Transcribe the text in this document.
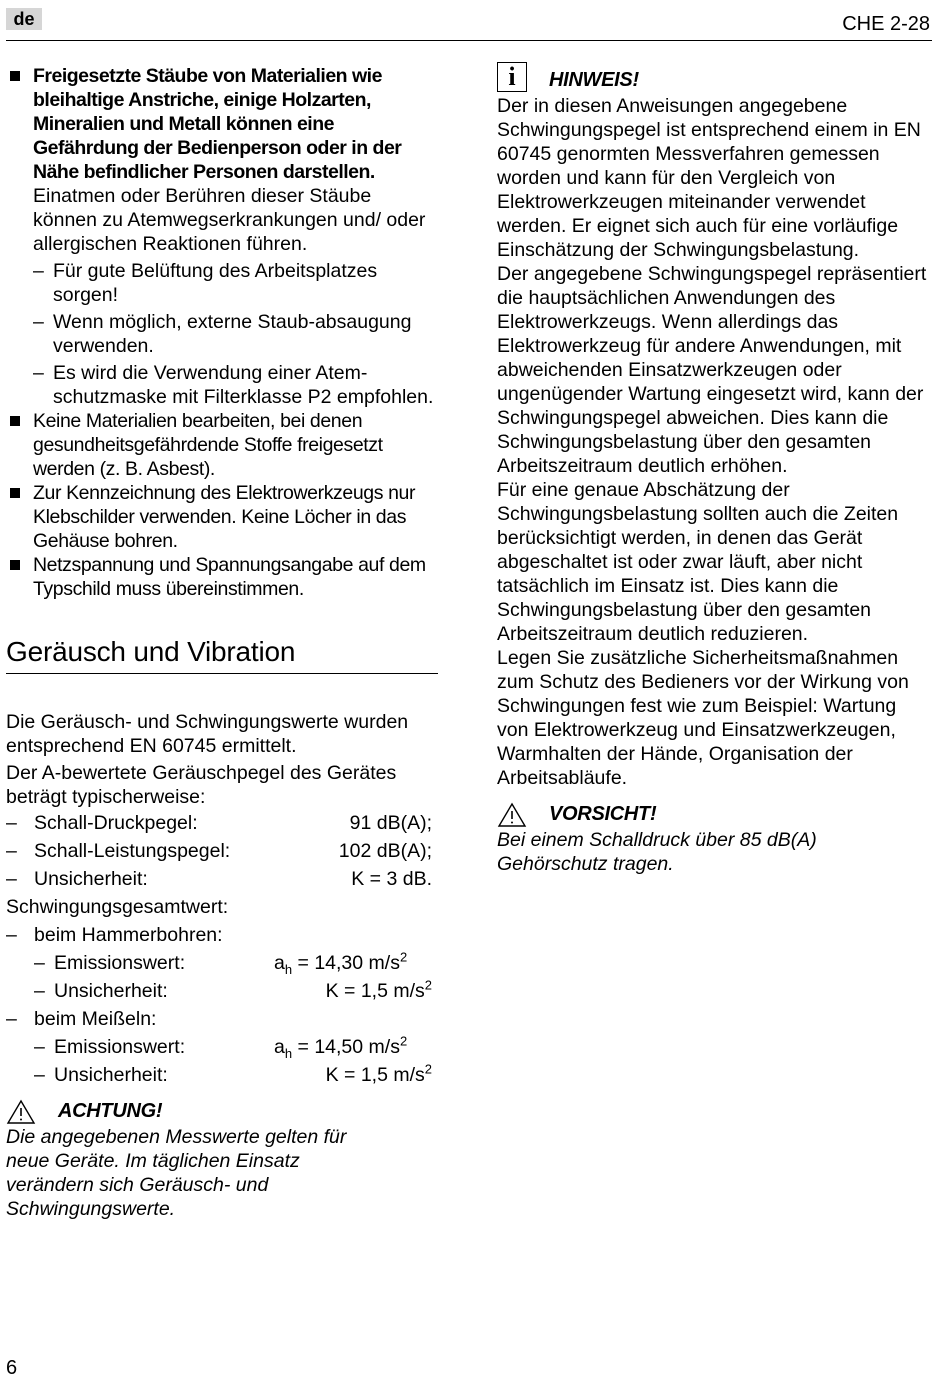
de	CHE 2-28
Freigesetzte Stäube von Materialien wie bleihaltige Anstriche, einige Holzarten, Mineralien und Metall können eine Gefährdung der Bedienperson oder in der Nähe befindlicher Personen darstellen.
Einatmen oder Berühren dieser Stäube können zu Atemwegserkrankungen und/ oder allergischen Reaktionen führen.
– Für gute Belüftung des Arbeitsplatzes sorgen!
– Wenn möglich, externe Staub-absaugung verwenden.
– Es wird die Verwendung einer Atem-schutzmaske mit Filterklasse P2 empfohlen.
Keine Materialien bearbeiten, bei denen gesundheitsgefährdende Stoffe freigesetzt werden (z. B. Asbest).
Zur Kennzeichnung des Elektrowerkzeugs nur Klebschilder verwenden. Keine Löcher in das Gehäuse bohren.
Netzspannung und Spannungsangabe auf dem Typschild muss übereinstimmen.
Geräusch und Vibration
Die Geräusch- und Schwingungswerte wurden entsprechend EN 60745 ermittelt.
Der A-bewertete Geräuschpegel des Gerätes beträgt typischerweise:
– Schall-Druckpegel:	91 dB(A);
– Schall-Leistungspegel:	102 dB(A);
– Unsicherheit:	K = 3 dB.
Schwingungsgesamtwert:
– beim Hammerbohren:
– Emissionswert:	$a_h = 14,30$ $m/s^2$
– Unsicherheit:	K = 1,5 $m/s^2$
– beim Meißeln:
– Emissionswert:	$a_h = 14,50$ $m/s^2$
– Unsicherheit:	K = 1,5 $m/s^2$
ACHTUNG!
Die angegebenen Messwerte gelten für neue Geräte. Im täglichen Einsatz verändern sich Geräusch- und Schwingungswerte.
i	HINWEIS!
Der in diesen Anweisungen angegebene Schwingungspegel ist entsprechend einem in EN 60745 genormten Messverfahren gemessen worden und kann für den Vergleich von Elektrowerkzeugen miteinander verwendet werden. Er eignet sich auch für eine vorläufige Einschätzung der Schwingungsbelastung.
Der angegebene Schwingungspegel repräsentiert die hauptsächlichen Anwendungen des Elektrowerkzeugs. Wenn allerdings das Elektrowerkzeug für andere Anwendungen, mit abweichenden Einsatzwerkzeugen oder ungenügender Wartung eingesetzt wird, kann der Schwingungspegel abweichen. Dies kann die Schwingungsbelastung über den gesamten Arbeitszeitraum deutlich erhöhen.
Für eine genaue Abschätzung der Schwingungsbelastung sollten auch die Zeiten berücksichtigt werden, in denen das Gerät abgeschaltet ist oder zwar läuft, aber nicht tatsächlich im Einsatz ist. Dies kann die Schwingungsbelastung über den gesamten Arbeitszeitraum deutlich reduzieren.
Legen Sie zusätzliche Sicherheitsmaßnahmen zum Schutz des Bedieners vor der Wirkung von Schwingungen fest wie zum Beispiel: Wartung von Elektrowerkzeug und Einsatzwerkzeugen, Warmhalten der Hände, Organisation der Arbeitsabläufe.
VORSICHT!
Bei einem Schalldruck über 85 dB(A) Gehörschutz tragen.
6
